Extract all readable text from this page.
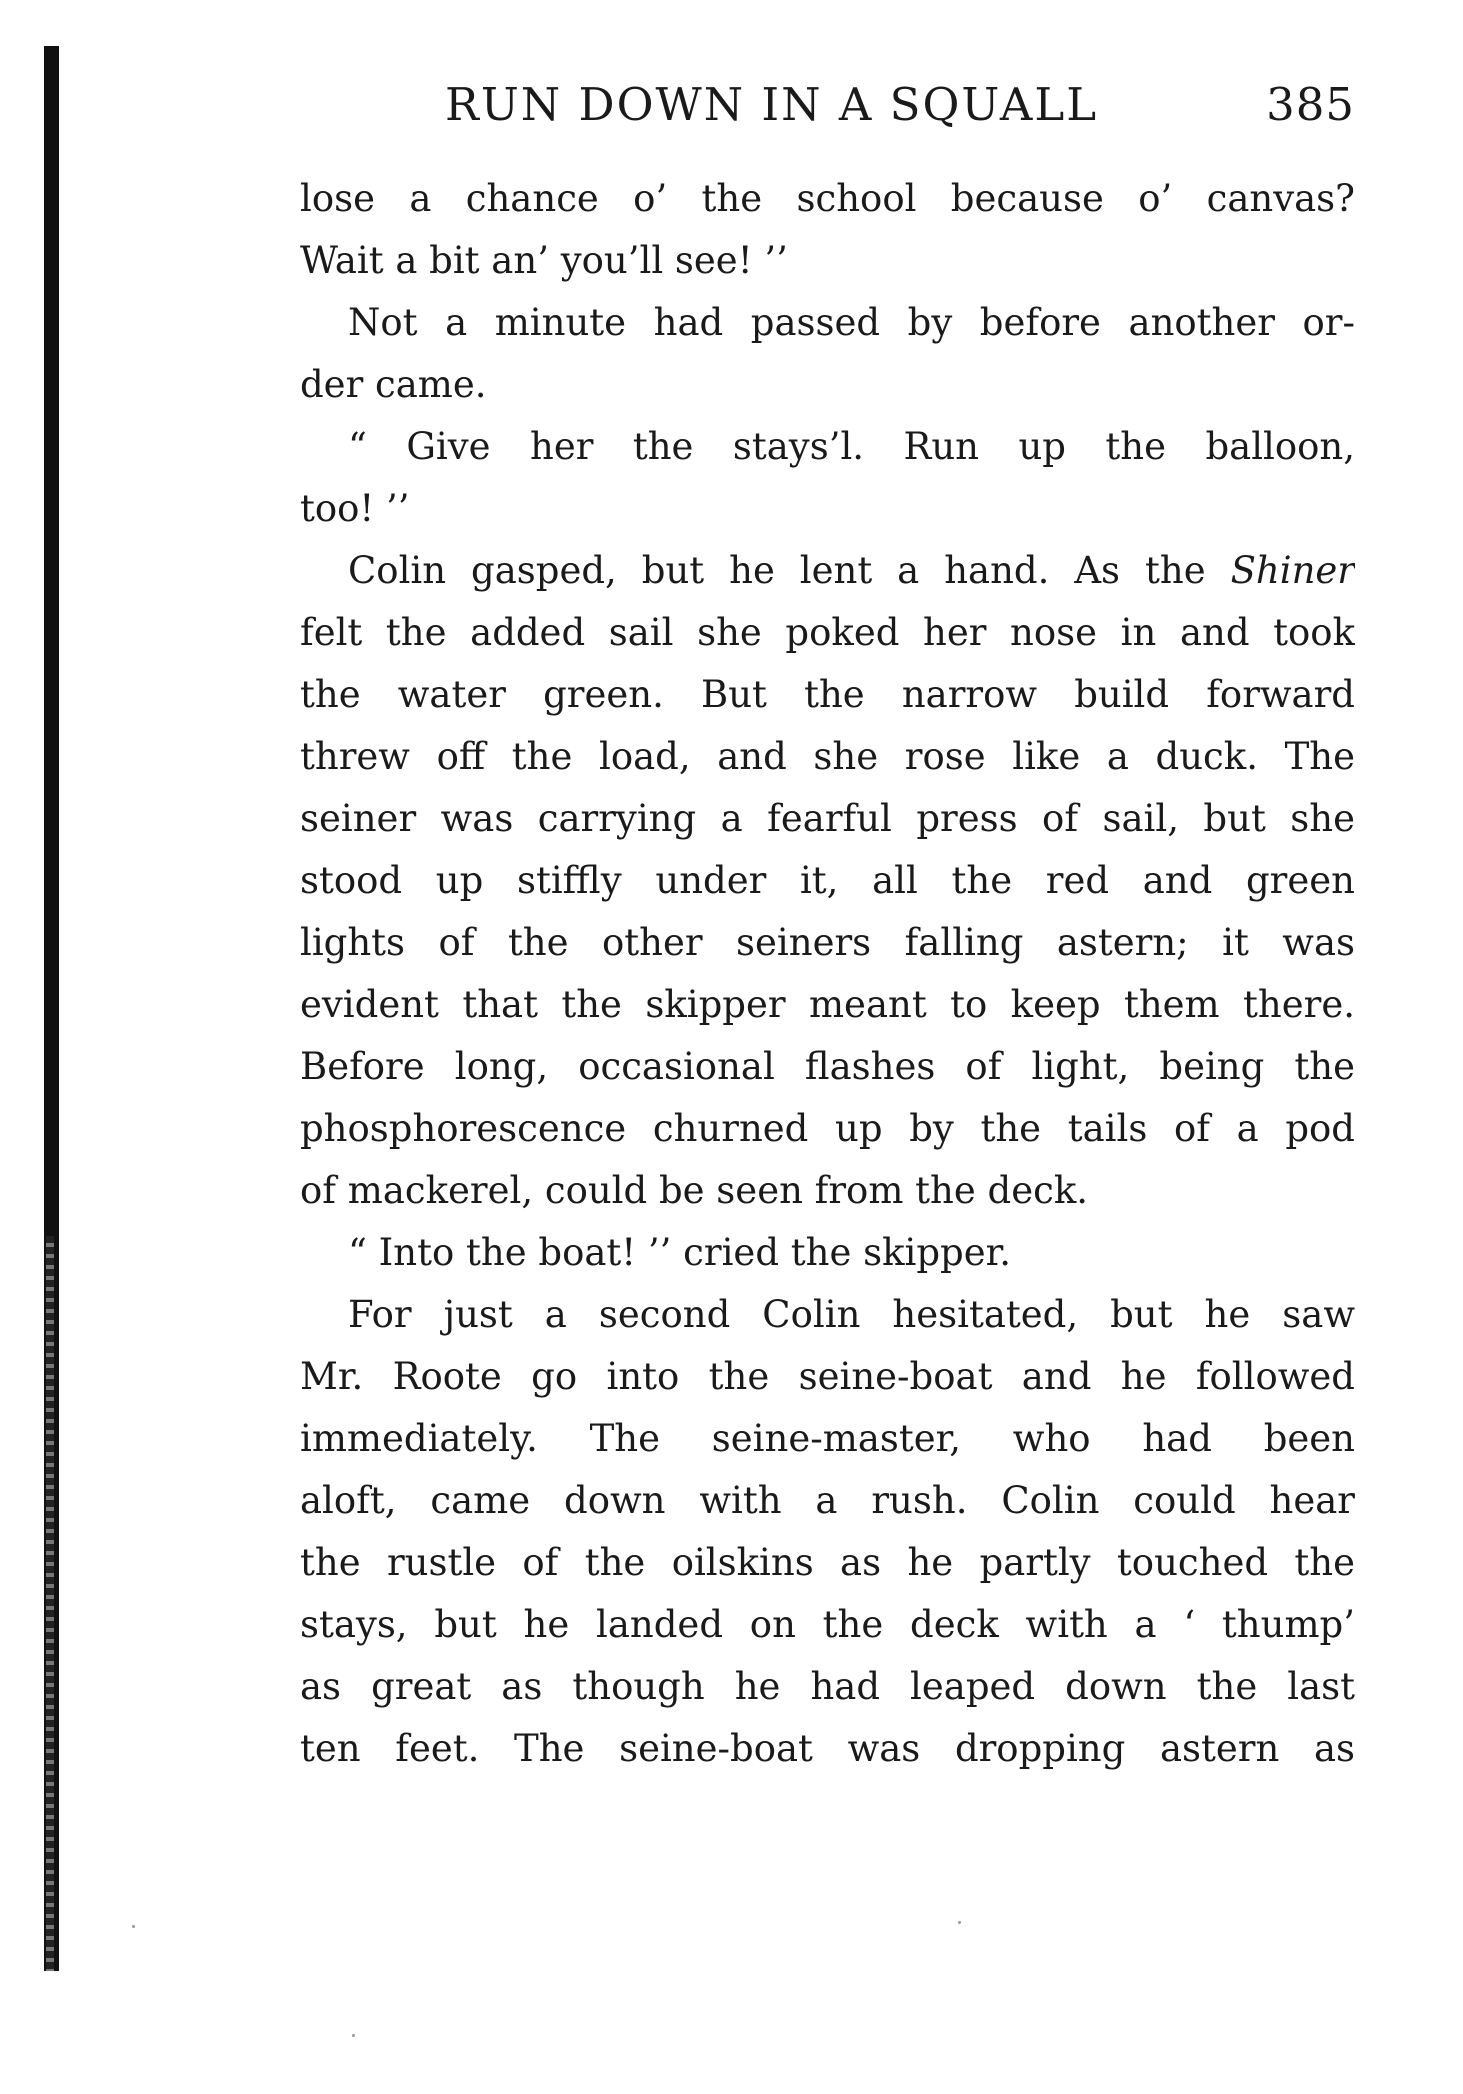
RUN DOWN IN A SQUALL	385
lose a chance o’ the school because o’ canvas?
Wait a bit an’ you’ll see! ’’
Not a minute had passed by before another or-
der came.
“ Give her the stays’l. Run up the balloon,
too! ’’
Colin gasped, but he lent a hand. As the Shiner
felt the added sail she poked her nose in and took
the water green. But the narrow build forward
threw off the load, and she rose like a duck. The
seiner was carrying a fearful press of sail, but she
stood up stiffly under it, all the red and green
lights of the other seiners falling astern; it was
evident that the skipper meant to keep them there.
Before long, occasional flashes of light, being the
phosphorescence churned up by the tails of a pod
of mackerel, could be seen from the deck.
“ Into the boat! ’’ cried the skipper.
For just a second Colin hesitated, but he saw
Mr. Roote go into the seine-boat and he followed
immediately. The seine-master, who had been
aloft, came down with a rush. Colin could hear
the rustle of the oilskins as he partly touched the
stays, but he landed on the deck with a ‘ thump’
as great as though he had leaped down the last
ten feet. The seine-boat was dropping astern as
